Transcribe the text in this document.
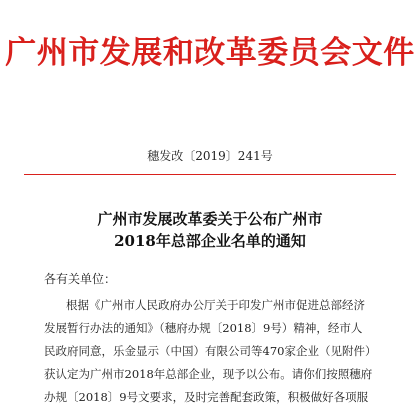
广州市发展和改革委员会文件
穗发改〔2019〕241号
广州市发展改革委关于公布广州市
2018年总部企业名单的通知
各有关单位：
根据《广州市人民政府办公厅关于印发广州市促进总部经济
发展暂行办法的通知》（穗府办规〔2018〕9号）精神，经市人
民政府同意，乐金显示（中国）有限公司等470家企业（见附件）
获认定为广州市2018年总部企业，现予以公布。请你们按照穗府
办规〔2018〕9号文要求，及时完善配套政策，积极做好各项服
